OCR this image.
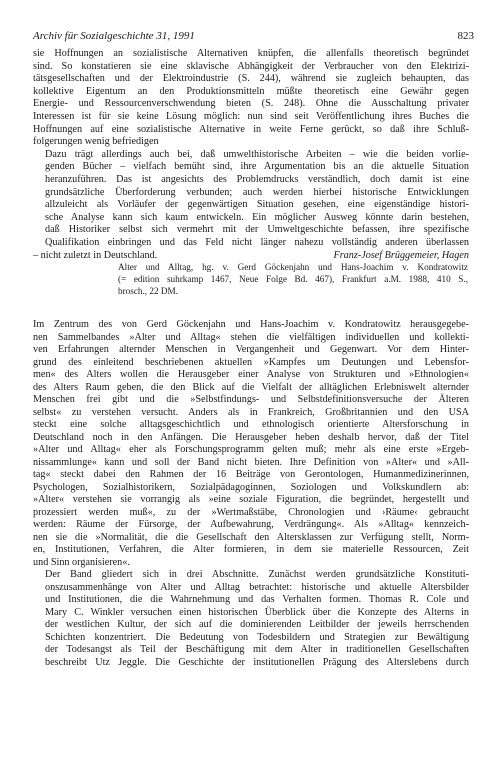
Archiv für Sozialgeschichte 31, 1991	823

sie Hoffnungen an sozialistische Alternativen knüpfen, die allenfalls theoretisch begründet
sind. So konstatieren sie eine sklavische Abhängigkeit der Verbraucher von den Elektrizi-
tätsgesellschaften und der Elektroindustrie (S. 244), während sie zugleich behaupten, das
kollektive Eigentum an den Produktionsmitteln müßte theoretisch eine Gewähr gegen
Energie- und Ressourcenverschwendung bieten (S. 248). Ohne die Ausschaltung privater
Interessen ist für sie keine Lösung möglich: nun sind seit Veröffentlichung ihres Buches die
Hoffnungen auf eine sozialistische Alternative in weite Ferne gerückt, so daß ihre Schluß-
folgerungen wenig befriedigen

Dazu trägt allerdings auch bei, daß umwelthistorische Arbeiten – wie die beiden vorlie-
genden Bücher – vielfach bemüht sind, ihre Argumentation bis an die aktuelle Situation
heranzuführen. Das ist angesichts des Problemdrucks verständlich, doch damit ist eine
grundsätzliche Überforderung verbunden; auch werden hierbei historische Entwicklungen
allzuleicht als Vorläufer der gegenwärtigen Situation gesehen, eine eigenständige histori-
sche Analyse kann sich kaum entwickeln. Ein möglicher Ausweg könnte darin bestehen,
daß Historiker selbst sich vermehrt mit der Umweltgeschichte befassen, ihre spezifische
Qualifikation einbringen und das Feld nicht länger nahezu vollständig anderen überlassen

– nicht zuletzt in Deutschland.	Franz-Josef Brüggemeier, Hagen

Alter und Alltag, hg. v. Gerd Göckenjahn und Hans-Joachim v. Kondratowitz
(= edition suhrkamp 1467, Neue Folge Bd. 467), Frankfurt a.M. 1988, 410 S.,
brosch., 22 DM.

Im Zentrum des von Gerd Göckenjahn und Hans-Joachim v. Kondratowitz herausgegebe-
nen Sammelbandes »Alter und Alltag« stehen die vielfältigen individuellen und kollekti-
ven Erfahrungen alternder Menschen in Vergangenheit und Gegenwart. Vor dem Hinter-
grund des einleitend beschriebenen aktuellen »Kampfes um Deutungen und Lebensfor-
men« des Alters wollen die Herausgeber einer Analyse von Strukturen und »Ethnologien«
des Alters Raum geben, die den Blick auf die Vielfalt der alltäglichen Erlebniswelt alternder
Menschen frei gibt und die »Selbstfindungs- und Selbstdefinitionsversuche der Älteren
selbst« zu verstehen versucht. Anders als in Frankreich, Großbritannien und den USA
steckt eine solche alltagsgeschichtlich und ethnologisch orientierte Altersforschung in
Deutschland noch in den Anfängen. Die Herausgeber heben deshalb hervor, daß der Titel
»Alter und Alltag« eher als Forschungsprogramm gelten muß; mehr als eine erste »Ergeb-
nissammlunge« kann und soll der Band nicht bieten. Ihre Definition von »Alter« und »All-
tag« steckt dabei den Rahmen der 16 Beiträge von Gerontologen, Humanmedizinerinnen,
Psychologen, Sozialhistorikern, Sozialpädagoginnen, Soziologen und Volkskundlern ab:
»Alter« verstehen sie vorrangig als »eine soziale Figuration, die begründet, hergestellt und
prozessiert werden muß«, zu der »Wertmaßstäbe, Chronologien und ›Räume‹ gebraucht
werden: Räume der Fürsorge, der Aufbewahrung, Verdrängung«. Als »Alltag« kennzeich-
nen sie die »Normalität, die die Gesellschaft den Altersklassen zur Verfügung stellt, Norm-
en, Institutionen, Verfahren, die Alter formieren, in dem sie materielle Ressourcen, Zeit
und Sinn organisieren«.

Der Band gliedert sich in drei Abschnitte. Zunächst werden grundsätzliche Konstituti-
onszusammenhänge von Alter und Alltag betrachtet: historische und aktuelle Altersbilder
und Institutionen, die die Wahrnehmung und das Verhalten formen. Thomas R. Cole und
Mary C. Winkler versuchen einen historischen Überblick über die Konzepte des Alterns in
der westlichen Kultur, der sich auf die dominierenden Leitbilder der jeweils herrschenden
Schichten konzentriert. Die Bedeutung von Todesbildern und Strategien zur Bewältigung
der Todesangst als Teil der Beschäftigung mit dem Alter in traditionellen Gesellschaften
beschreibt Utz Jeggle. Die Geschichte der institutionellen Prägung des Alterslebens durch
